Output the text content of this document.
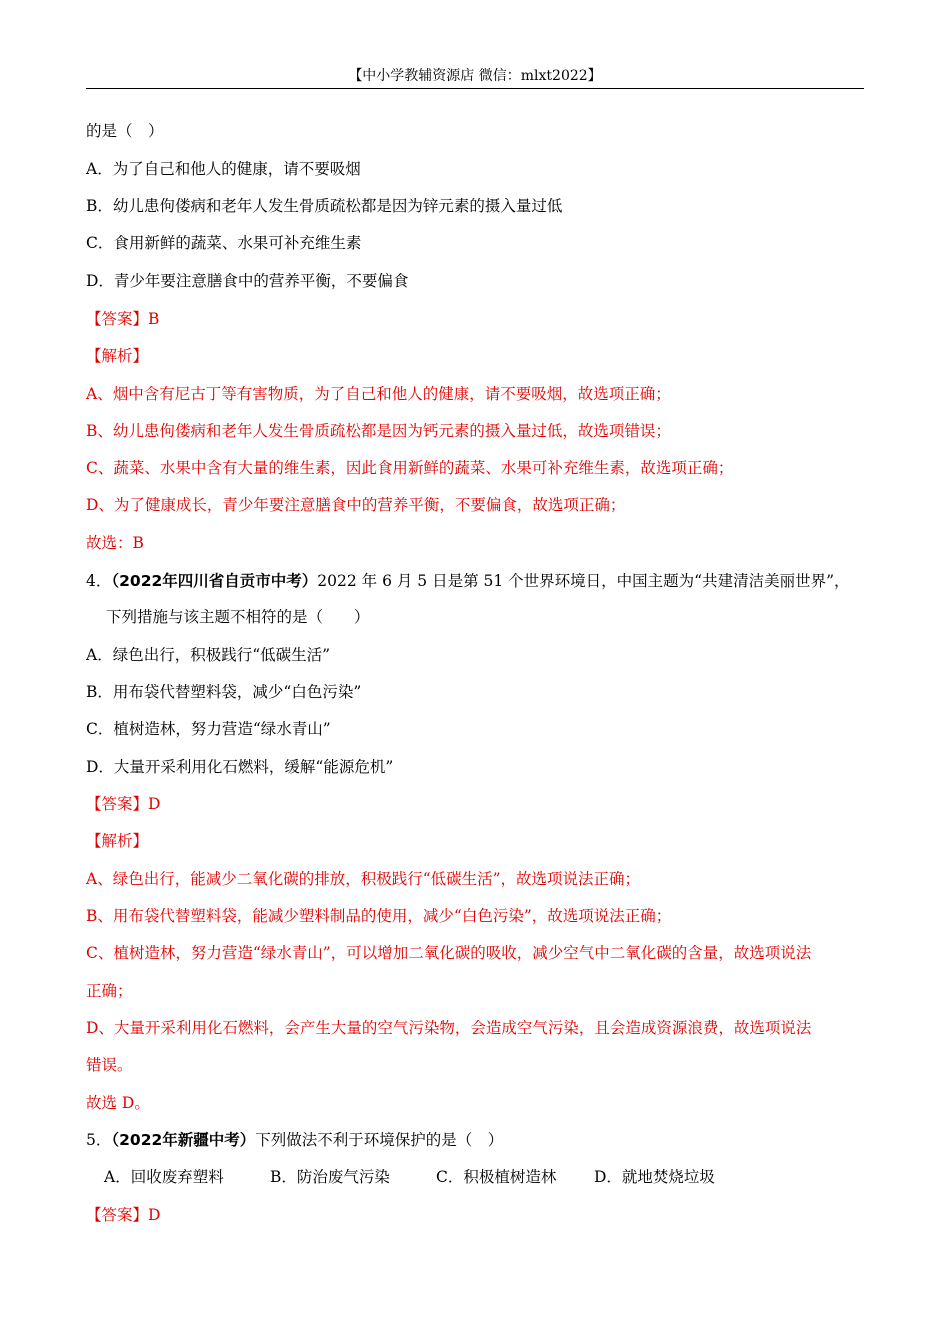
【中小学教辅资源店 微信：mlxt2022】
的是（　）
A．为了自己和他人的健康，请不要吸烟
B．幼儿患佝偻病和老年人发生骨质疏松都是因为锌元素的摄入量过低
C．食用新鲜的蔬菜、水果可补充维生素
D．青少年要注意膳食中的营养平衡，不要偏食
【答案】B
【解析】
A、烟中含有尼古丁等有害物质，为了自己和他人的健康，请不要吸烟，故选项正确；
B、幼儿患佝偻病和老年人发生骨质疏松都是因为钙元素的摄入量过低，故选项错误；
C、蔬菜、水果中含有大量的维生素，因此食用新鲜的蔬菜、水果可补充维生素，故选项正确；
D、为了健康成长，青少年要注意膳食中的营养平衡，不要偏食，故选项正确；
故选：B
4．（2022年四川省自贡市中考）2022 年 6 月 5 日是第 51 个世界环境日，中国主题为“共建清洁美丽世界”，
下列措施与该主题不相符的是（　　）
A．绿色出行，积极践行“低碳生活”
B．用布袋代替塑料袋，减少“白色污染”
C．植树造林，努力营造“绿水青山”
D．大量开采利用化石燃料，缓解“能源危机”
【答案】D
【解析】
A、绿色出行，能减少二氧化碳的排放，积极践行“低碳生活”，故选项说法正确；
B、用布袋代替塑料袋，能减少塑料制品的使用，减少“白色污染”，故选项说法正确；
C、植树造林，努力营造“绿水青山”，可以增加二氧化碳的吸收，减少空气中二氧化碳的含量，故选项说法
正确；
D、大量开采利用化石燃料，会产生大量的空气污染物，会造成空气污染，且会造成资源浪费，故选项说法
错误。
故选 D。
5．（2022年新疆中考）下列做法不利于环境保护的是（　）
A．回收废弃塑料	B．防治废气污染	C．积极植树造林 D．就地焚烧垃圾
【答案】D
